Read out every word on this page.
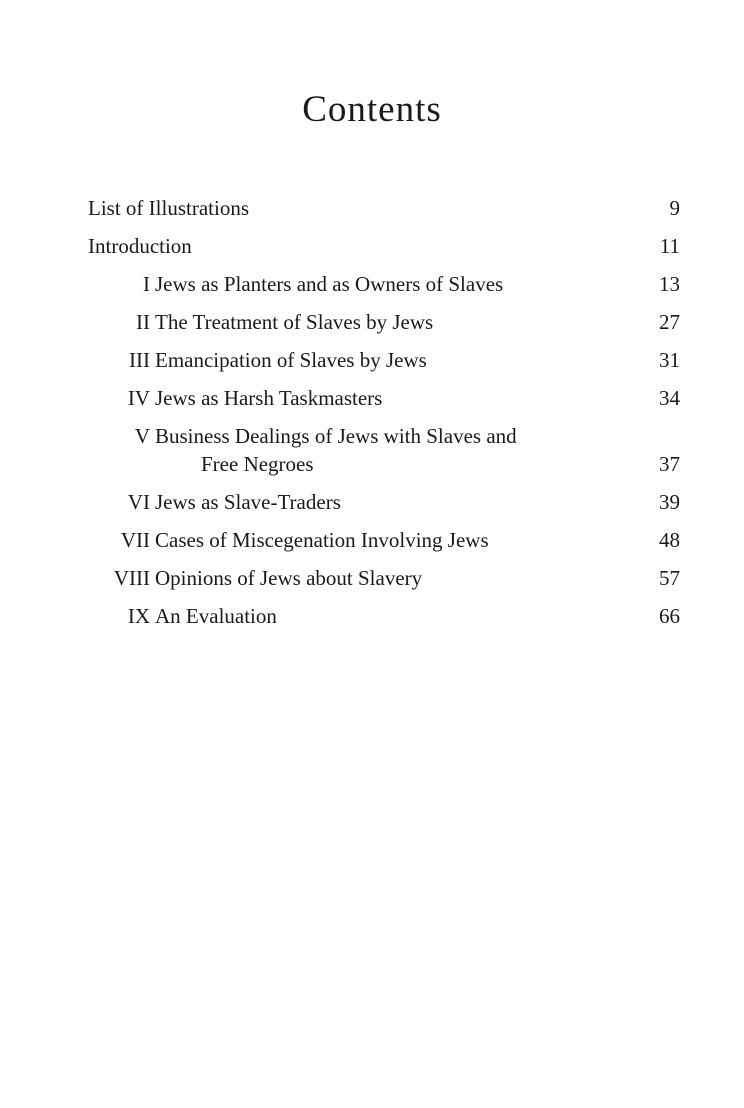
Contents
List of Illustrations	9
Introduction	11
I Jews as Planters and as Owners of Slaves	13
II The Treatment of Slaves by Jews	27
III Emancipation of Slaves by Jews	31
IV Jews as Harsh Taskmasters	34
V Business Dealings of Jews with Slaves and
Free Negroes	37
VI Jews as Slave-Traders	39
VII Cases of Miscegenation Involving Jews	48
VIII Opinions of Jews about Slavery	57
IX An Evaluation	66
